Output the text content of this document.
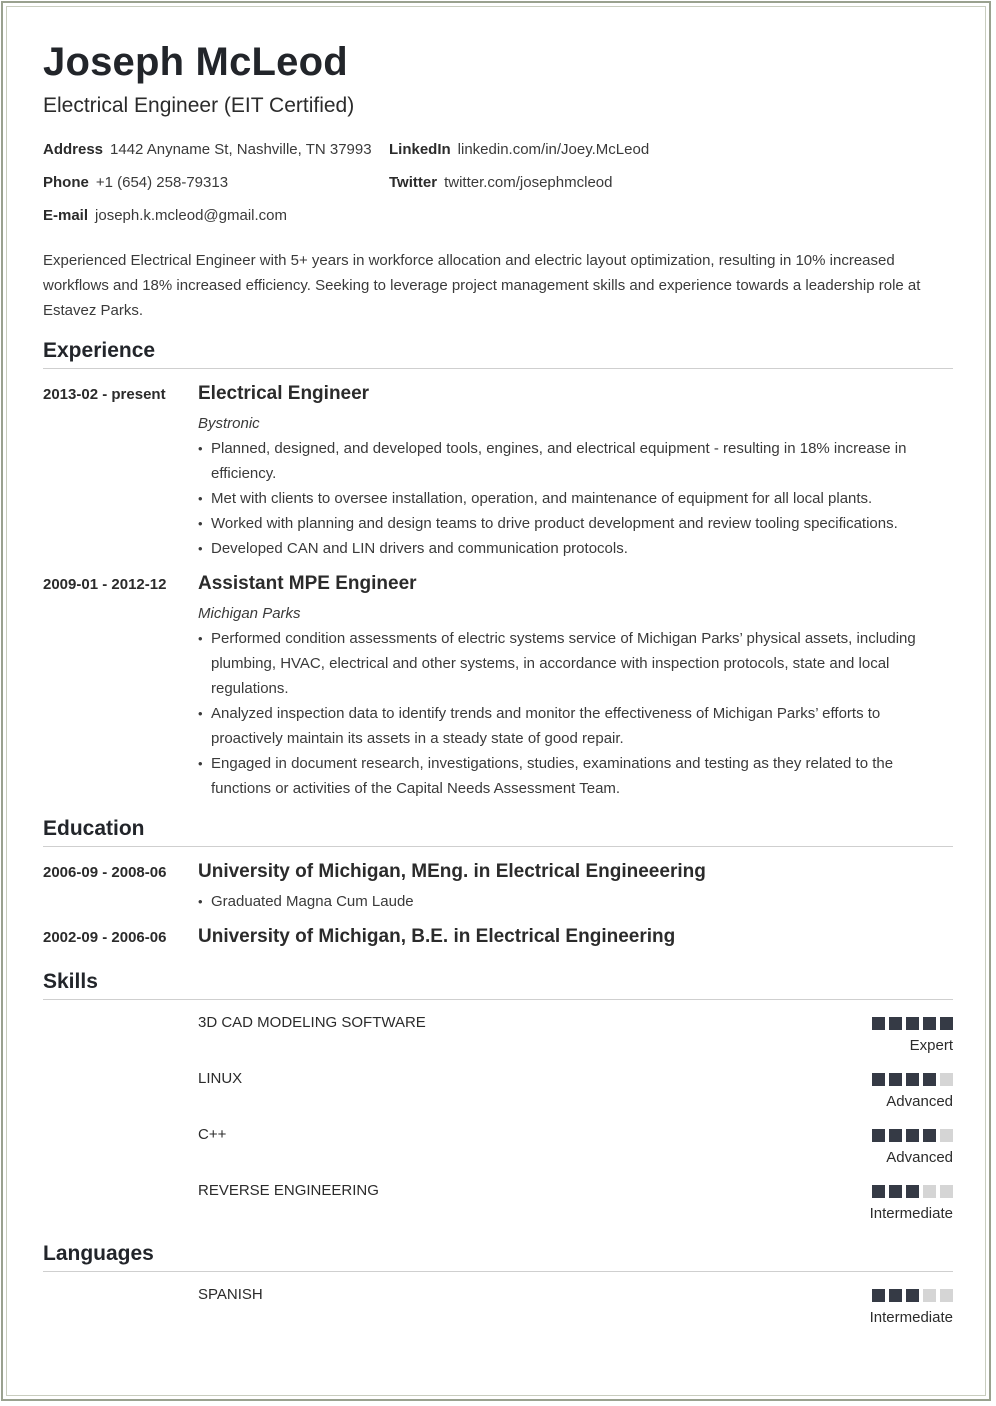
Joseph McLeod
Electrical Engineer (EIT Certified)
Address 1442 Anyname St, Nashville, TN 37993 LinkedIn linkedin.com/in/Joey.McLeod
Phone +1 (654) 258-79313	Twitter twitter.com/josephmcleod
E-mail joseph.k.mcleod@gmail.com
Experienced Electrical Engineer with 5+ years in workforce allocation and electric layout optimization, resulting in 10% increased workflows and 18% increased efficiency. Seeking to leverage project management skills and experience towards a leadership role at Estavez Parks.
Experience
2013-02 - present Electrical Engineer
Bystronic
• Planned, designed, and developed tools, engines, and electrical equipment - resulting in 18% increase in efficiency.
• Met with clients to oversee installation, operation, and maintenance of equipment for all local plants.
• Worked with planning and design teams to drive product development and review tooling specifications.
• Developed CAN and LIN drivers and communication protocols.
2009-01 - 2012-12 Assistant MPE Engineer
Michigan Parks
• Performed condition assessments of electric systems service of Michigan Parks’ physical assets, including plumbing, HVAC, electrical and other systems, in accordance with inspection protocols, state and local regulations.
• Analyzed inspection data to identify trends and monitor the effectiveness of Michigan Parks’ efforts to proactively maintain its assets in a steady state of good repair.
• Engaged in document research, investigations, studies, examinations and testing as they related to the functions or activities of the Capital Needs Assessment Team.
Education
2006-09 - 2008-06 University of Michigan, MEng. in Electrical Engineeering
• Graduated Magna Cum Laude
2002-09 - 2006-06 University of Michigan, B.E. in Electrical Engineering
Skills
3D CAD MODELING SOFTWARE
Expert
LINUX
Advanced
C++
Advanced
REVERSE ENGINEERING
Intermediate
Languages
SPANISH
Intermediate
